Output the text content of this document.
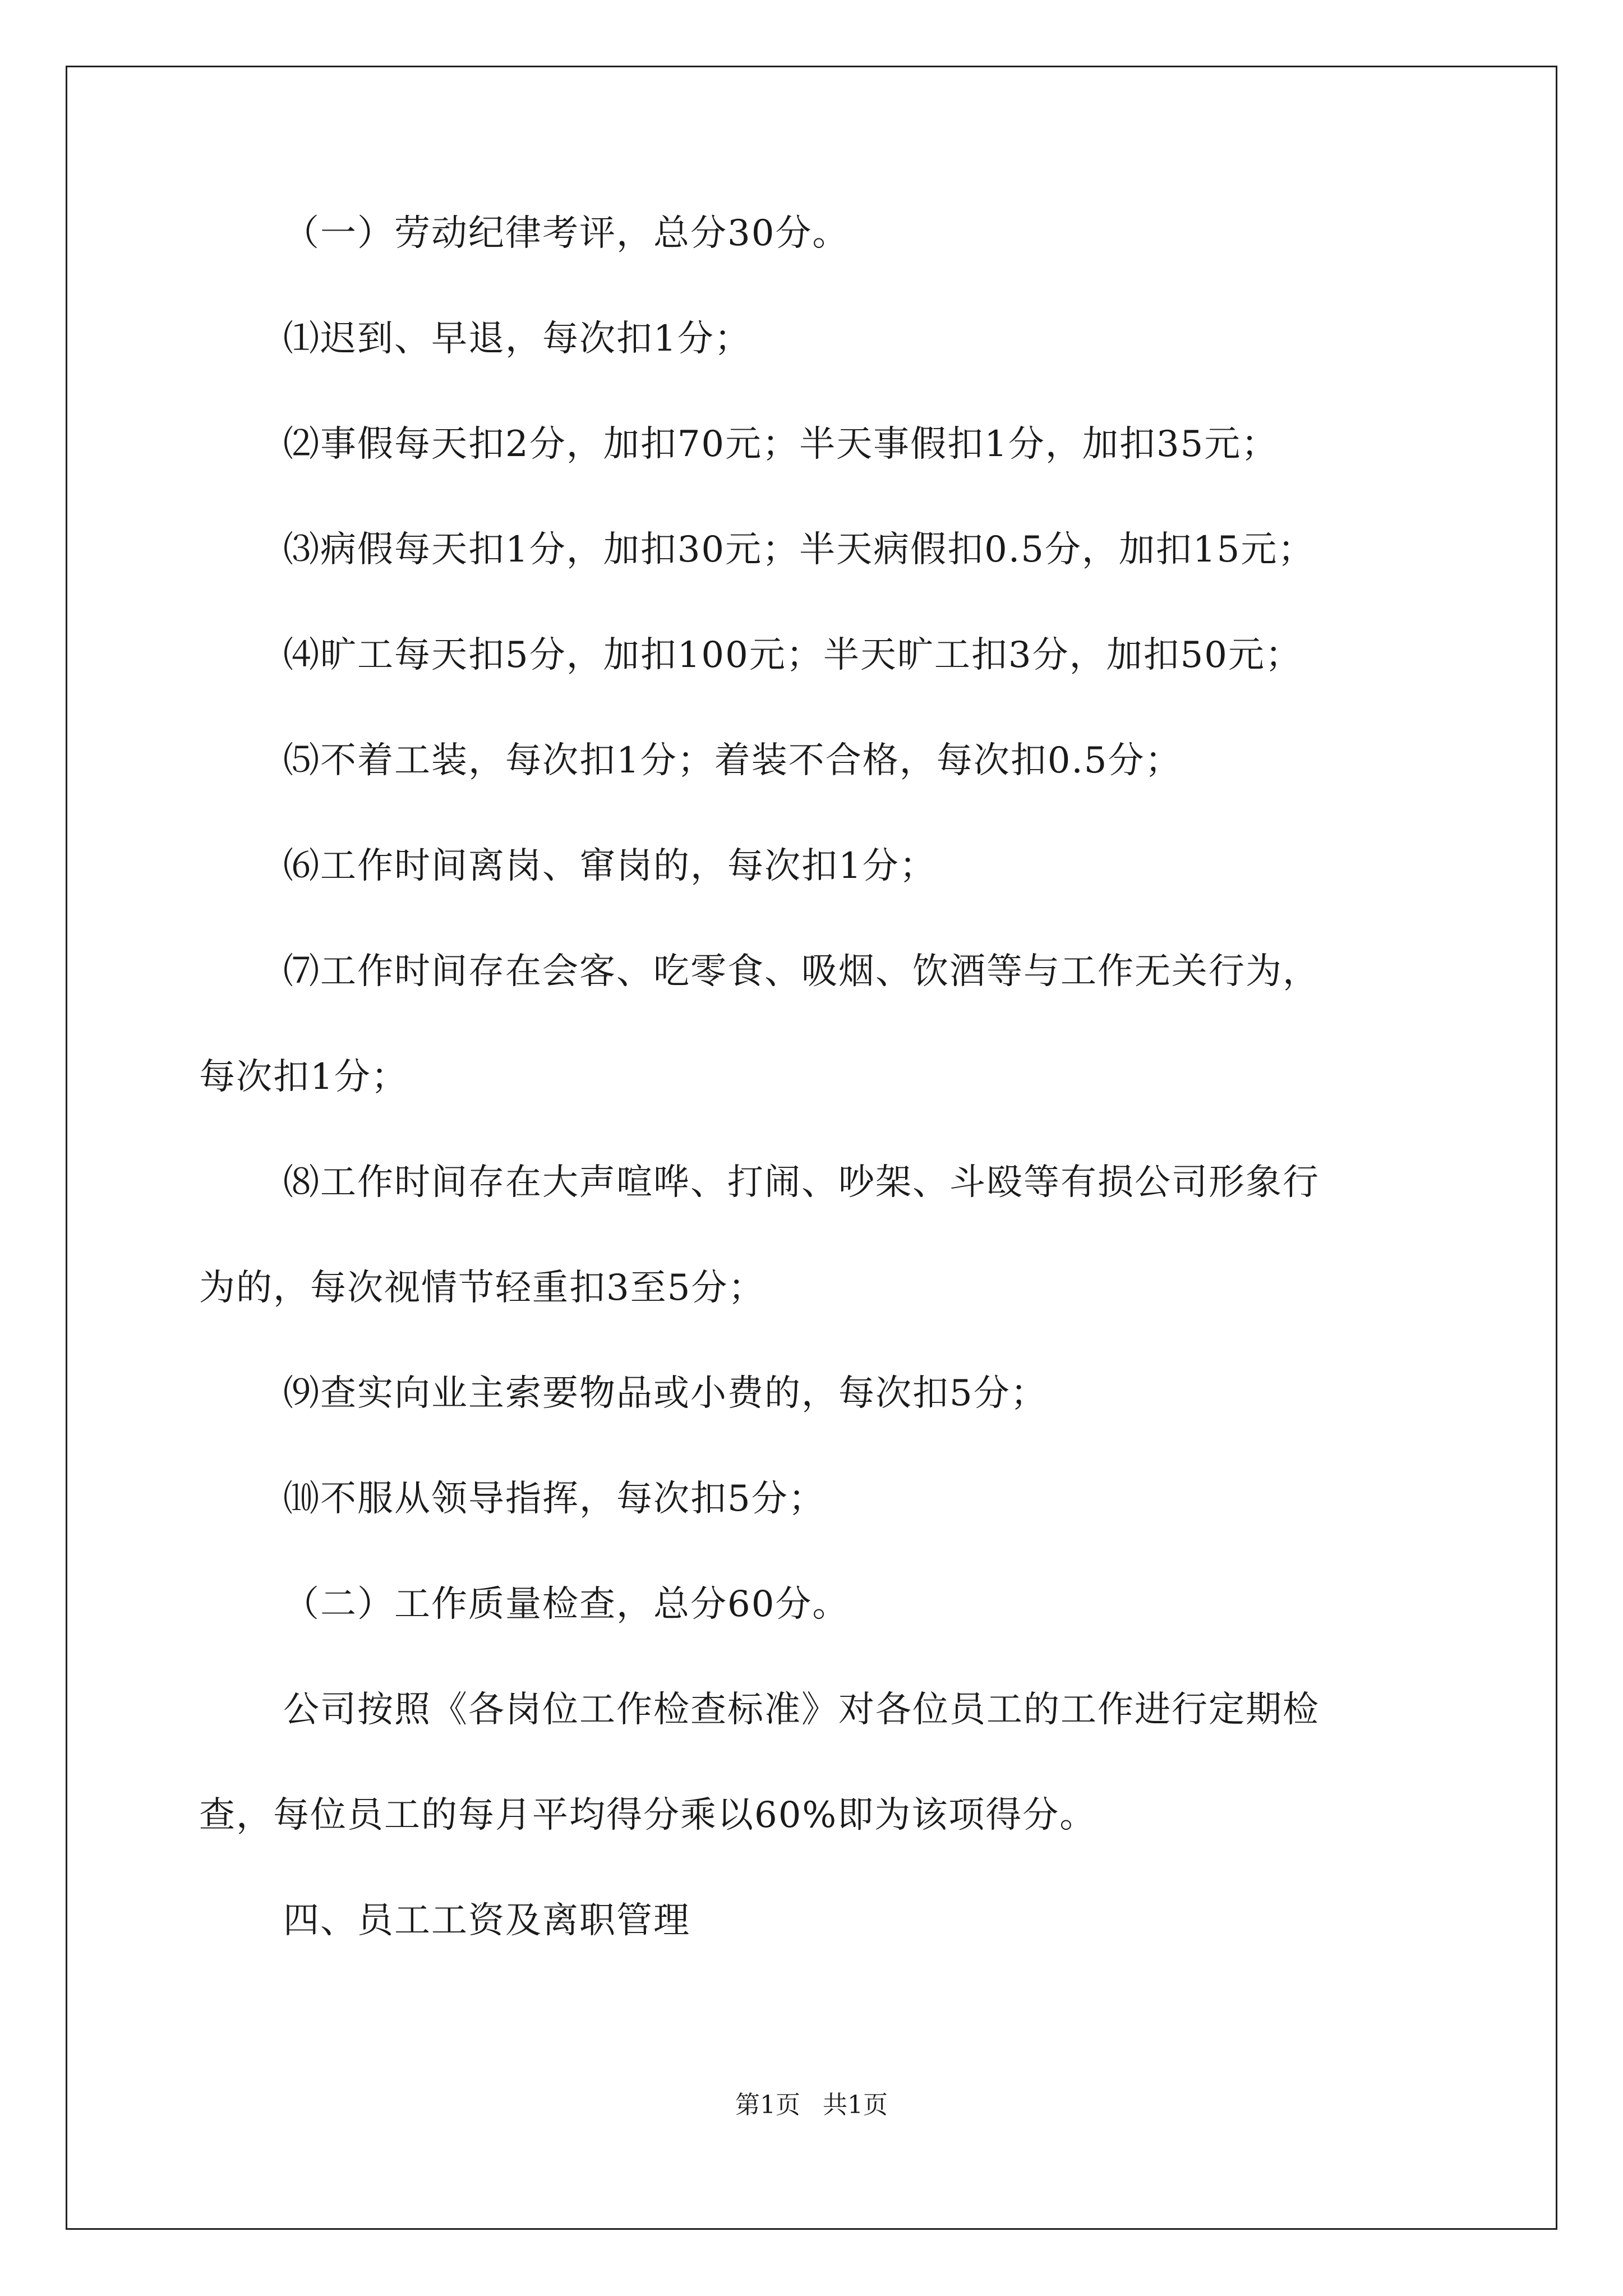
（一）劳动纪律考评，总分30分。
⑴迟到、早退，每次扣1分；
⑵事假每天扣2分，加扣70元；半天事假扣1分，加扣35元；
⑶病假每天扣1分，加扣30元；半天病假扣0.5分，加扣15元；
⑷旷工每天扣5分，加扣100元；半天旷工扣3分，加扣50元；
⑸不着工装，每次扣1分；着装不合格，每次扣0.5分；
⑹工作时间离岗、窜岗的，每次扣1分；
⑺工作时间存在会客、吃零食、吸烟、饮酒等与工作无关行为，
每次扣1分；
⑻工作时间存在大声喧哗、打闹、吵架、斗殴等有损公司形象行
为的，每次视情节轻重扣3至5分；
⑼查实向业主索要物品或小费的，每次扣5分；
⑽不服从领导指挥，每次扣5分；
（二）工作质量检查，总分60分。
公司按照《各岗位工作检查标准》对各位员工的工作进行定期检
查，每位员工的每月平均得分乘以60%即为该项得分。
四、员工工资及离职管理
第1页 共1页
